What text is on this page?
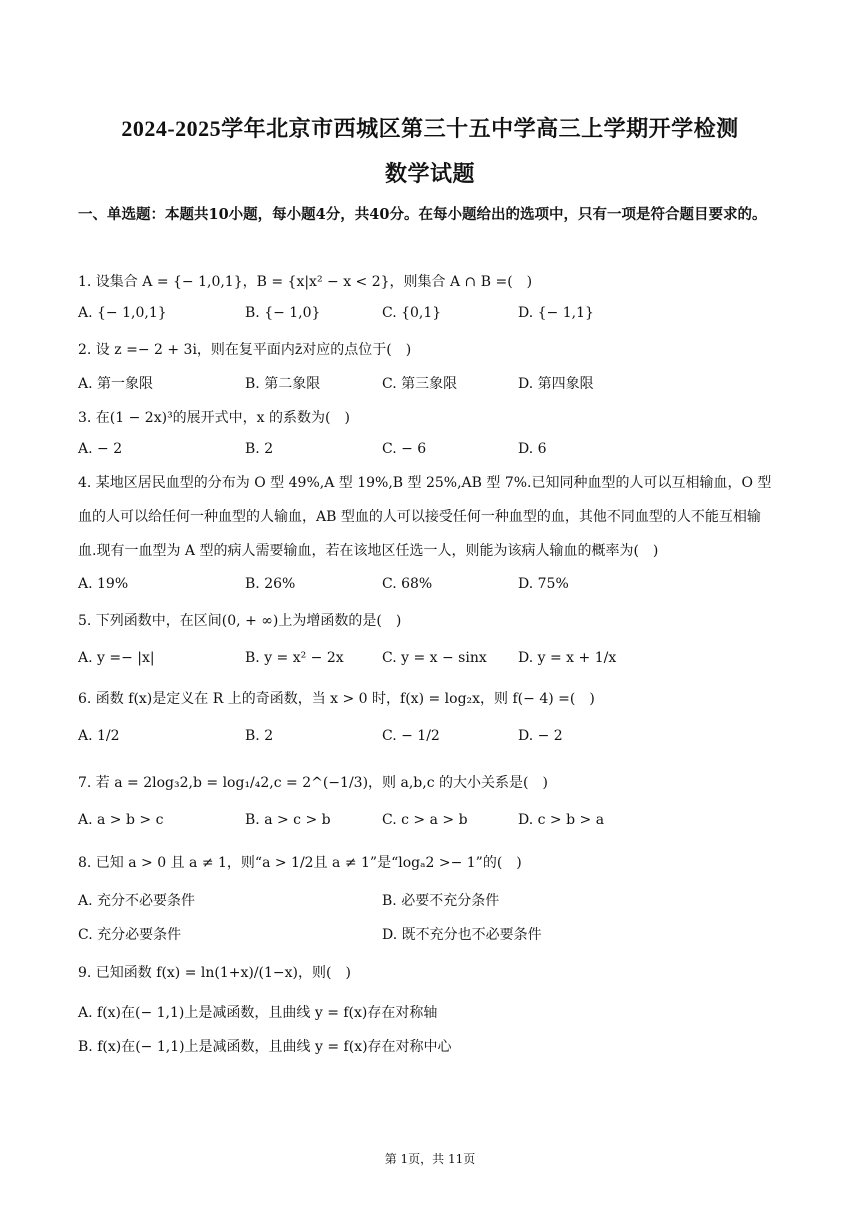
2024-2025学年北京市西城区第三十五中学高三上学期开学检测
数学试题
一、单选题：本题共10小题，每小题4分，共40分。在每小题给出的选项中，只有一项是符合题目要求的。
1. 设集合 A = {− 1,0,1}，B = {x|x² − x < 2}，则集合 A ∩ B =(　)
A. {− 1,0,1}	B. {− 1,0}	C. {0,1}	D. {− 1,1}
2. 设 z =− 2 + 3i，则在复平面内z̄对应的点位于(　)
A. 第一象限	B. 第二象限	C. 第三象限	D. 第四象限
3. 在(1 − 2x)³的展开式中，x 的系数为(　)
A. − 2	B. 2	C. − 6	D. 6
4. 某地区居民血型的分布为 O 型 49%,A 型 19%,B 型 25%,AB 型 7%.已知同种血型的人可以互相输血，O 型血的人可以给任何一种血型的人输血，AB 型血的人可以接受任何一种血型的血，其他不同血型的人不能互相输血.现有一血型为 A 型的病人需要输血，若在该地区任选一人，则能为该病人输血的概率为(　)
A. 19%	B. 26%	C. 68%	D. 75%
5. 下列函数中，在区间(0, + ∞)上为增函数的是(　)
A. y =− |x|	B. y = x² − 2x	C. y = x − sinx D. y = x + 1/x
6. 函数 f(x)是定义在 R 上的奇函数，当 x > 0 时，f(x) = log₂x，则 f(− 4) =(　)
A. 1/2	B. 2	C. − 1/2	D. − 2
7. 若 a = 2log₃2,b = log₁/₄2,c = 2^(−1/3)，则 a,b,c 的大小关系是(　)
A. a > b > c	B. a > c > b	C. c > a > b	D. c > b > a
8. 已知 a > 0 且 a ≠ 1，则“a > 1/2且 a ≠ 1”是“logₐ2 >− 1”的(　)
A. 充分不必要条件	B. 必要不充分条件
C. 充分必要条件	D. 既不充分也不必要条件
9. 已知函数 f(x) = ln(1+x)/(1−x)，则(　)
A. f(x)在(− 1,1)上是减函数，且曲线 y = f(x)存在对称轴
B. f(x)在(− 1,1)上是减函数，且曲线 y = f(x)存在对称中心
第 1页，共 11页
